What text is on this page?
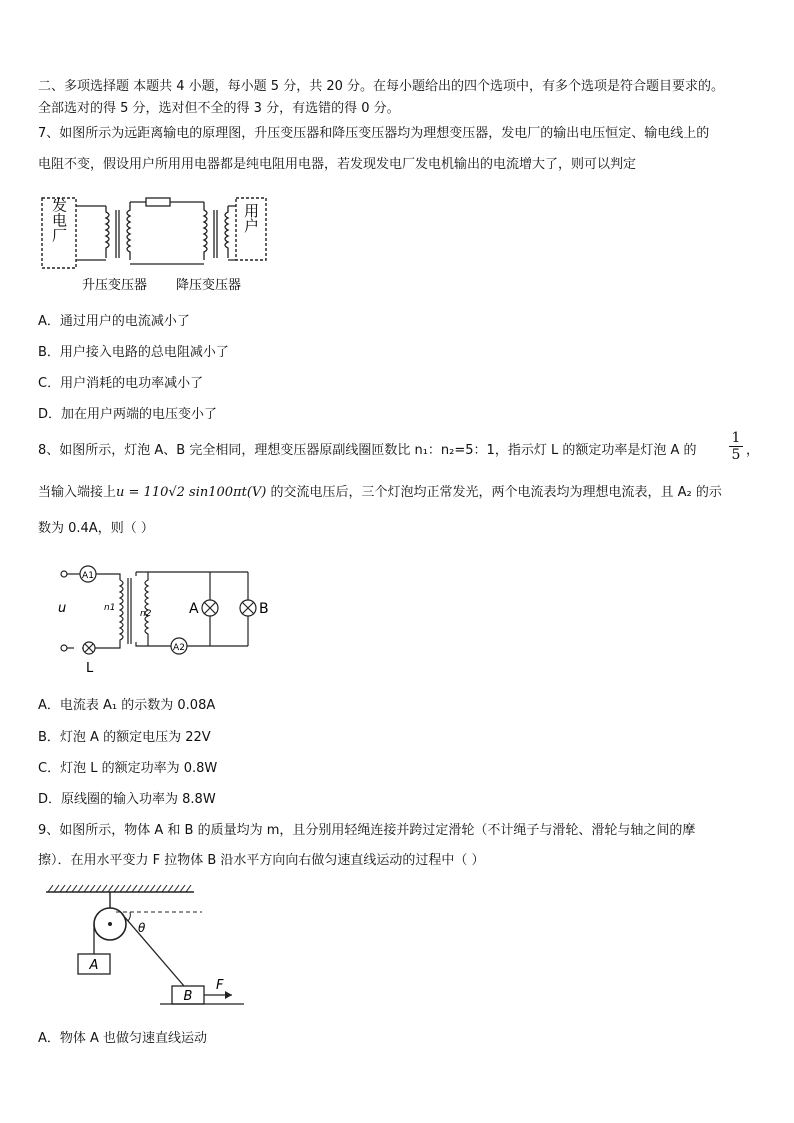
二、多项选择题 本题共 4 小题，每小题 5 分，共 20 分。在每小题给出的四个选项中，有多个选项是符合题目要求的。
全部选对的得 5 分，选对但不全的得 3 分，有选错的得 0 分。
7、如图所示为远距离输电的原理图，升压变压器和降压变压器均为理想变压器，发电厂的输出电压恒定、输电线上的
电阻不变，假设用户所用用电器都是纯电阻用电器，若发现发电厂发电机输出的电流增大了，则可以判定
发电厂	用户
升压变压器 降压变压器
A．通过用户的电流减小了
B．用户接入电路的总电阻减小了
C．用户消耗的电功率减小了
D．加在用户两端的电压变小了
8、如图所示，灯泡 A、B 完全相同，理想变压器原副线圈匝数比 n₁：n₂=5：1，指示灯 L 的额定功率是灯泡 A 的
1
5 ，
当输入端接上u = 110√2 sin100πt(V) 的交流电压后，三个灯泡均正常发光，两个电流表均为理想电流表，且 A₂ 的示
数为 0.4A，则（ ）
A1
u
L
n1
n2
A2
A	B
A．电流表 A₁ 的示数为 0.08A
B．灯泡 A 的额定电压为 22V
C．灯泡 L 的额定功率为 0.8W
D．原线圈的输入功率为 8.8W
9、如图所示，物体 A 和 B 的质量均为 m，且分别用轻绳连接并跨过定滑轮（不计绳子与滑轮、滑轮与轴之间的摩
擦）．在用水平变力 F 拉物体 B 沿水平方向向右做匀速直线运动的过程中（ ）
A
θ
B
F
A．物体 A 也做匀速直线运动
